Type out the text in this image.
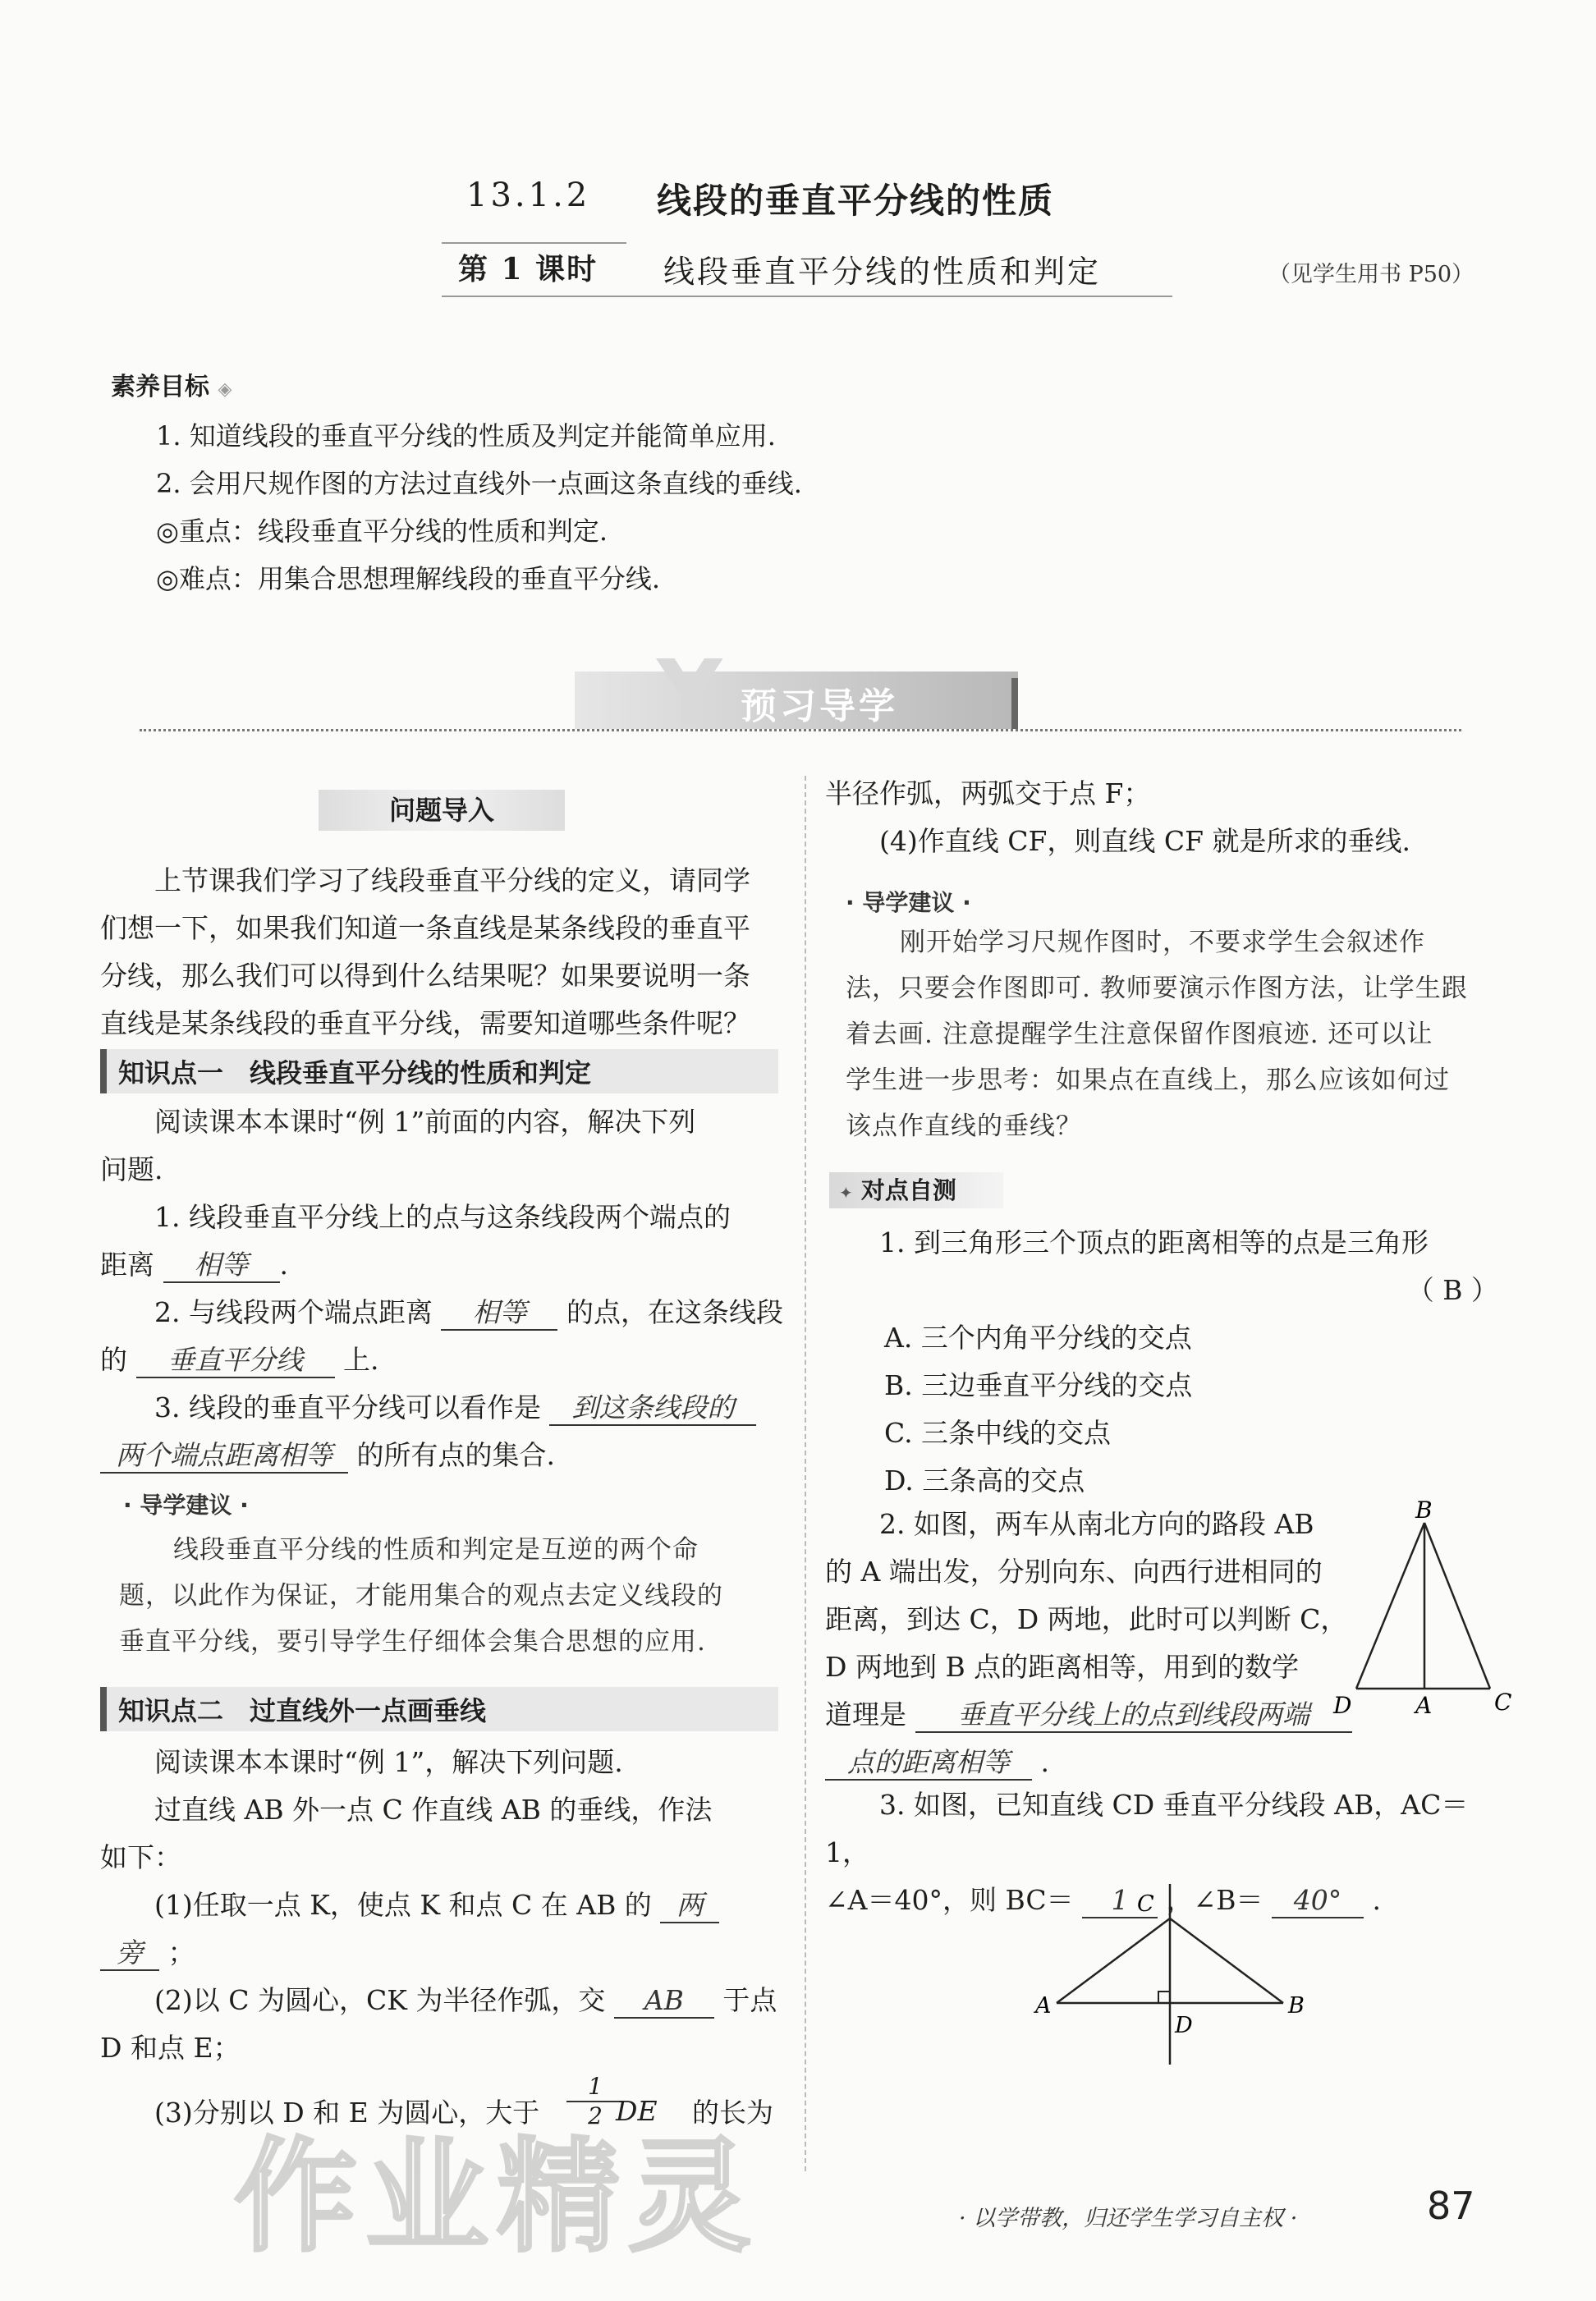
13.1.2 线段的垂直平分线的性质
第 1 课时 线段垂直平分线的性质和判定	（见学生用书 P50）
素养目标 ◈
1. 知道线段的垂直平分线的性质及判定并能简单应用.
2. 会用尺规作图的方法过直线外一点画这条直线的垂线.
◎重点：线段垂直平分线的性质和判定.
◎难点：用集合思想理解线段的垂直平分线.
Y 预习导学
问题导入
上节课我们学习了线段垂直平分线的定义，请同学
们想一下，如果我们知道一条直线是某条线段的垂直平
分线，那么我们可以得到什么结果呢？如果要说明一条
直线是某条线段的垂直平分线，需要知道哪些条件呢？
知识点一　线段垂直平分线的性质和判定
阅读课本本课时“例 1”前面的内容，解决下列
问题.
1. 线段垂直平分线上的点与这条线段两个端点的
距离 相等 .
2. 与线段两个端点距离 相等 的点，在这条线段
的 垂直平分线 上.
3. 线段的垂直平分线可以看作是 到这条线段的
两个端点距离相等 的所有点的集合.
· 导学建议 ·
线段垂直平分线的性质和判定是互逆的两个命
题，以此作为保证，才能用集合的观点去定义线段的
垂直平分线，要引导学生仔细体会集合思想的应用.
知识点二　过直线外一点画垂线
阅读课本本课时“例 1”，解决下列问题.
过直线 AB 外一点 C 作直线 AB 的垂线，作法
如下：
(1)任取一点 K，使点 K 和点 C 在 AB 的 两
旁 ；
(2)以 C 为圆心，CK 为半径作弧，交 AB 于点
D 和点 E；
(3)分别以 D 和 E 为圆心，大于 $\frac{1}{2}$
DE 的长为
半径作弧，两弧交于点 F；
(4)作直线 CF，则直线 CF 就是所求的垂线.
· 导学建议 ·
刚开始学习尺规作图时，不要求学生会叙述作
法，只要会作图即可. 教师要演示作图方法，让学生跟
着去画. 注意提醒学生注意保留作图痕迹. 还可以让
学生进一步思考：如果点在直线上，那么应该如何过
该点作直线的垂线？
✦ 对点自测
1. 到三角形三个顶点的距离相等的点是三角形
（ B ）
A. 三个内角平分线的交点
B. 三边垂直平分线的交点
C. 三条中线的交点
D. 三条高的交点
2. 如图，两车从南北方向的路段 AB
的 A 端出发，分别向东、向西行进相同的
距离，到达 C，D 两地，此时可以判断 C，
D 两地到 B 点的距离相等，用到的数学
道理是 垂直平分线上的点到线段两端
点的距离相等 .
B
D	A	C
3. 如图，已知直线 CD 垂直平分线段 AB，AC＝1，
∠A＝40°，则 BC＝ 1 ，∠B＝ 40° .
C
A
D
B
作业精灵	· 以学带教，归还学生学习自主权 ·	87
